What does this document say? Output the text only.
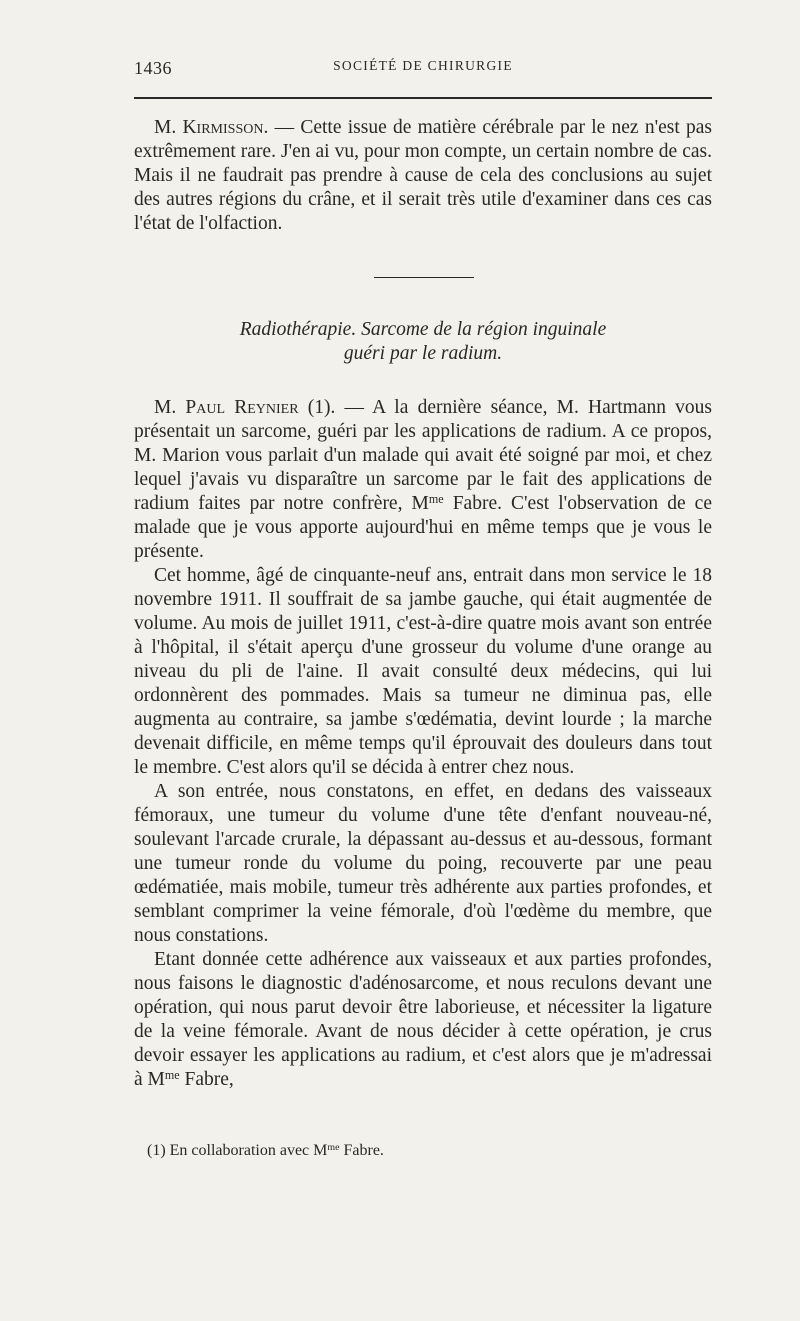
1436	SOCIÉTÉ DE CHIRURGIE

M. Kirmisson. — Cette issue de matière cérébrale par le nez n'est pas extrêmement rare. J'en ai vu, pour mon compte, un certain nombre de cas. Mais il ne faudrait pas prendre à cause de cela des conclusions au sujet des autres régions du crâne, et il serait très utile d'examiner dans ces cas l'état de l'olfaction.

Radiothérapie. Sarcome de la région inguinale
guéri par le radium.

M. Paul Reynier (1). — A la dernière séance, M. Hartmann vous présentait un sarcome, guéri par les applications de radium. A ce propos, M. Marion vous parlait d'un malade qui avait été soigné par moi, et chez lequel j'avais vu disparaître un sarcome par le fait des applications de radium faites par notre confrère, $M^{me}$ Fabre. C'est l'observation de ce malade que je vous apporte aujourd'hui en même temps que je vous le présente.

Cet homme, âgé de cinquante-neuf ans, entrait dans mon service le 18 novembre 1911. Il souffrait de sa jambe gauche, qui était augmentée de volume. Au mois de juillet 1911, c'est-à-dire quatre mois avant son entrée à l'hôpital, il s'était aperçu d'une grosseur du volume d'une orange au niveau du pli de l'aine. Il avait consulté deux médecins, qui lui ordonnèrent des pommades. Mais sa tumeur ne diminua pas, elle augmenta au contraire, sa jambe s'œdématia, devint lourde ; la marche devenait difficile, en même temps qu'il éprouvait des douleurs dans tout le membre. C'est alors qu'il se décida à entrer chez nous.

A son entrée, nous constatons, en effet, en dedans des vaisseaux fémoraux, une tumeur du volume d'une tête d'enfant nouveau-né, soulevant l'arcade crurale, la dépassant au-dessus et au-dessous, formant une tumeur ronde du volume du poing, recouverte par une peau œdématiée, mais mobile, tumeur très adhérente aux parties profondes, et semblant comprimer la veine fémorale, d'où l'œdème du membre, que nous constations.

Etant donnée cette adhérence aux vaisseaux et aux parties profondes, nous faisons le diagnostic d'adénosarcome, et nous reculons devant une opération, qui nous parut devoir être laborieuse, et nécessiter la ligature de la veine fémorale. Avant de nous décider à cette opération, je crus devoir essayer les applications au radium, et c'est alors que je m'adressai à $M^{me}$ Fabre,

(1) En collaboration avec $M^{me}$ Fabre.
